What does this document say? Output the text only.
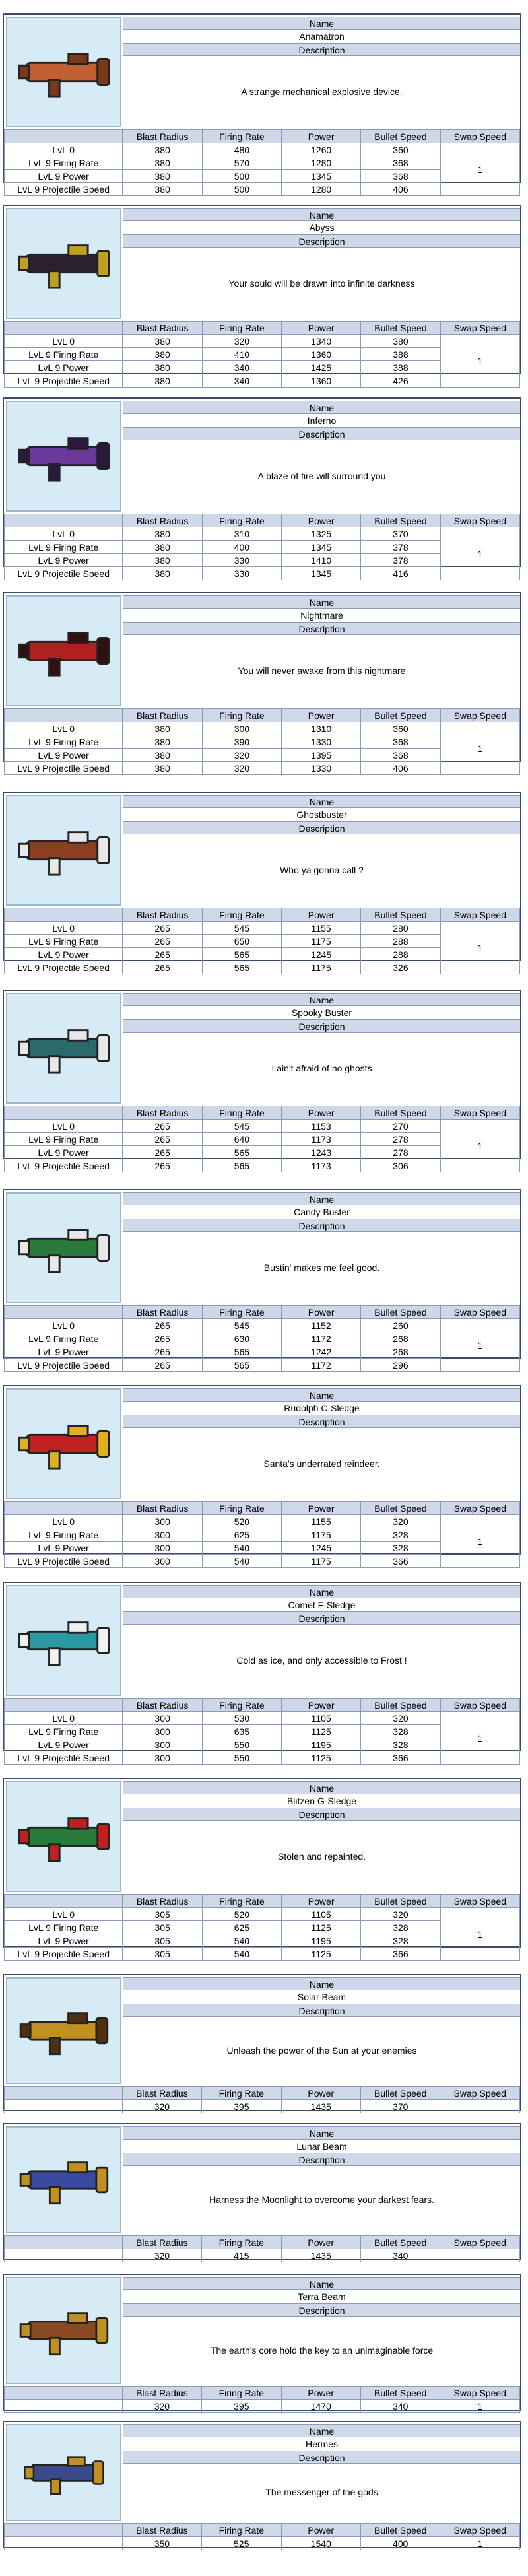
Name
Anamatron
Description
A strange mechanical explosive device.
	Blast Radius	Firing Rate	Power	Bullet Speed	Swap Speed
LvL 0	380	480	1260	360	1
LvL 9 Firing Rate	380	570	1280	368	
LvL 9 Power	380	500	1345	368	
LvL 9 Projectile Speed	380	500	1280	406	
Name
Abyss
Description
Your sould will be drawn into infinite darkness
	Blast Radius	Firing Rate	Power	Bullet Speed	Swap Speed
LvL 0	380	320	1340	380	1
LvL 9 Firing Rate	380	410	1360	388	
LvL 9 Power	380	340	1425	388	
LvL 9 Projectile Speed	380	340	1360	426	
Name
Inferno
Description
A blaze of fire will surround you
	Blast Radius	Firing Rate	Power	Bullet Speed	Swap Speed
LvL 0	380	310	1325	370	1
LvL 9 Firing Rate	380	400	1345	378	
LvL 9 Power	380	330	1410	378	
LvL 9 Projectile Speed	380	330	1345	416	
Name
Nightmare
Description
You will never awake from this nightmare
	Blast Radius	Firing Rate	Power	Bullet Speed	Swap Speed
LvL 0	380	300	1310	360	1
LvL 9 Firing Rate	380	390	1330	368	
LvL 9 Power	380	320	1395	368	
LvL 9 Projectile Speed	380	320	1330	406	
Name
Ghostbuster
Description
Who ya gonna call ?
	Blast Radius	Firing Rate	Power	Bullet Speed	Swap Speed
LvL 0	265	545	1155	280	1
LvL 9 Firing Rate	265	650	1175	288	
LvL 9 Power	265	565	1245	288	
LvL 9 Projectile Speed	265	565	1175	326	
Name
Spooky Buster
Description
I ain't afraid of no ghosts
	Blast Radius	Firing Rate	Power	Bullet Speed	Swap Speed
LvL 0	265	545	1153	270	1
LvL 9 Firing Rate	265	640	1173	278	
LvL 9 Power	265	565	1243	278	
LvL 9 Projectile Speed	265	565	1173	306	
Name
Candy Buster
Description
Bustin' makes me feel good.
	Blast Radius	Firing Rate	Power	Bullet Speed	Swap Speed
LvL 0	265	545	1152	260	1
LvL 9 Firing Rate	265	630	1172	268	
LvL 9 Power	265	565	1242	268	
LvL 9 Projectile Speed	265	565	1172	296	
Name
Rudolph C-Sledge
Description
Santa's underrated reindeer.
	Blast Radius	Firing Rate	Power	Bullet Speed	Swap Speed
LvL 0	300	520	1155	320	1
LvL 9 Firing Rate	300	625	1175	328	
LvL 9 Power	300	540	1245	328	
LvL 9 Projectile Speed	300	540	1175	366	
Name
Comet F-Sledge
Description
Cold as ice, and only accessible to Frost !
	Blast Radius	Firing Rate	Power	Bullet Speed	Swap Speed
LvL 0	300	530	1105	320	1
LvL 9 Firing Rate	300	635	1125	328	
LvL 9 Power	300	550	1195	328	
LvL 9 Projectile Speed	300	550	1125	366	
Name
Blitzen G-Sledge
Description
Stolen and repainted.
	Blast Radius	Firing Rate	Power	Bullet Speed	Swap Speed
LvL 0	305	520	1105	320	1
LvL 9 Firing Rate	305	625	1125	328	
LvL 9 Power	305	540	1195	328	
LvL 9 Projectile Speed	305	540	1125	366	
Name
Solar Beam
Description
Unleash the power of the Sun at your enemies
	Blast Radius	Firing Rate	Power	Bullet Speed	Swap Speed
	320	395	1435	370	
Name
Lunar Beam
Description
Harness the Moonlight to overcome your darkest fears.
	Blast Radius	Firing Rate	Power	Bullet Speed	Swap Speed
	320	415	1435	340	
Name
Terra Beam
Description
The earth's core hold the key to an unimaginable force
	Blast Radius	Firing Rate	Power	Bullet Speed	Swap Speed
	320	395	1470	340	1
Name
Hermes
Description
The messenger of the gods
	Blast Radius	Firing Rate	Power	Bullet Speed	Swap Speed
	350	525	1540	400	1
